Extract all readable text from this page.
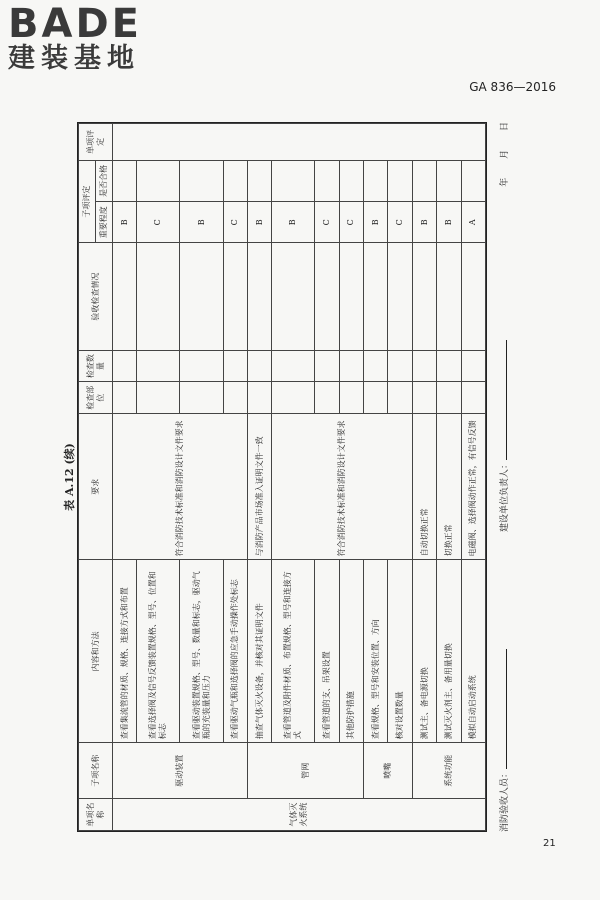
BADE
建装基地
GA 836—2016
表 A.12 (续)
单项名称	子项名称	内容和方法	要求	检查部位	检查数量	验收检查情况	子项评定		单项评定
							重要程度	是否合格	
气体灭火系统	驱动装置	查看集流管的材质、规格、连接方式和布置	符合消防技术标准和消防设计文件要求				B		
		查看选择阀及信号反馈装置规格、型号、位置和标志					C		
		查看驱动装置规格、型号、数量和标志，驱动气瓶的充装量和压力					B		
		查看驱动气瓶和选择阀的应急手动操作处标志					C		
	管网	抽查气体灭火设备，并核对其证明文件	与消防产品市场准入证明文件一致				B		
		查看管道及附件材质、布置规格、型号和连接方式	符合消防技术标准和消防设计文件要求				B		
		查看管道的支、吊架设置					C		
		其他防护措施					C		
	喷嘴	查看规格、型号和安装位置、方向					B		
		核对设置数量					C		
	系统功能	测试主、备电源切换	自动切换正常				B		
		测试灭火剂主、备用量切换	切换正常				B		
		模拟自动启动系统	电磁阀、选择阀动作正常，有信号反馈				A		
消防验收人员：
建设单位负责人：
年 月 日
21
